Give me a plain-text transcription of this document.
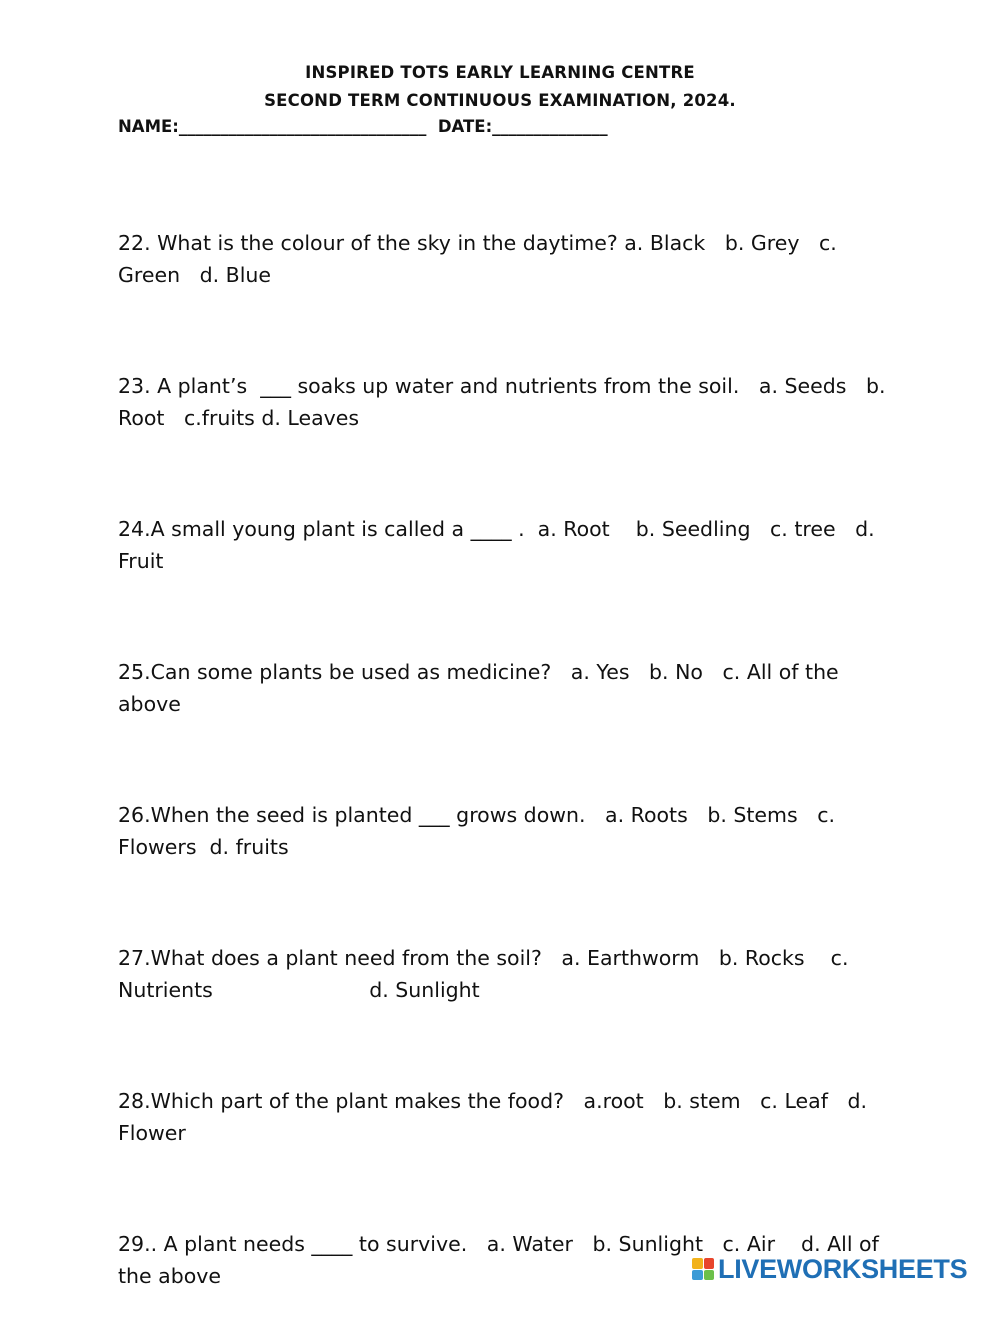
INSPIRED TOTS EARLY LEARNING CENTRE
SECOND TERM CONTINUOUS EXAMINATION, 2024.
NAME:______________________________  DATE:______________

22. What is the colour of the sky in the daytime? a. Black   b. Grey   c. Green   d. Blue

23. A plant’s  ___ soaks up water and nutrients from the soil.   a. Seeds   b. Root   c.fruits d. Leaves

24.A small young plant is called a ____ .  a. Root    b. Seedling   c. tree   d. Fruit

25.Can some plants be used as medicine?   a. Yes   b. No   c. All of the above

26.When the seed is planted ___ grows down.   a. Roots   b. Stems   c. Flowers  d. fruits

27.What does a plant need from the soil?   a. Earthworm   b. Rocks    c. Nutrients                        d. Sunlight

28.Which part of the plant makes the food?   a.root   b. stem   c. Leaf   d. Flower

29.. A plant needs ____ to survive.   a. Water   b. Sunlight   c. Air    d. All of the above	LIVEWORKSHEETS
